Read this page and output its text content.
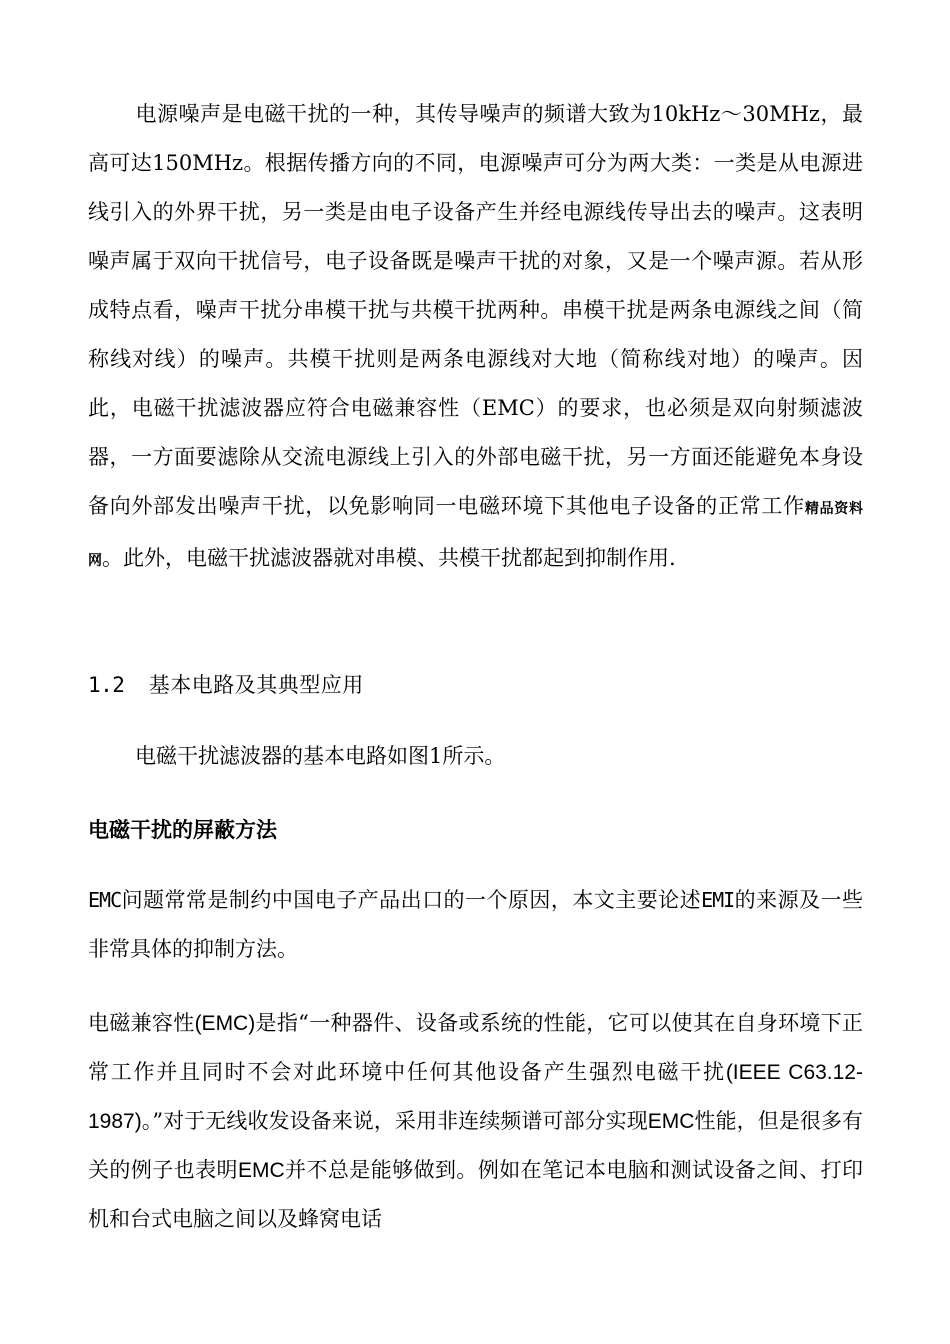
电源噪声是电磁干扰的一种，其传导噪声的频谱大致为10kHz～30MHz，最高可达150MHz。根据传播方向的不同，电源噪声可分为两大类：一类是从电源进线引入的外界干扰，另一类是由电子设备产生并经电源线传导出去的噪声。这表明噪声属于双向干扰信号，电子设备既是噪声干扰的对象，又是一个噪声源。若从形成特点看，噪声干扰分串模干扰与共模干扰两种。串模干扰是两条电源线之间（简称线对线）的噪声。共模干扰则是两条电源线对大地（简称线对地）的噪声。因此，电磁干扰滤波器应符合电磁兼容性（EMC）的要求，也必须是双向射频滤波器，一方面要滤除从交流电源线上引入的外部电磁干扰，另一方面还能避免本身设备向外部发出噪声干扰，以免影响同一电磁环境下其他电子设备的正常工作精品资料网。此外，电磁干扰滤波器就对串模、共模干扰都起到抑制作用.

1.2 基本电路及其典型应用

电磁干扰滤波器的基本电路如图1所示。

电磁干扰的屏蔽方法

EMC问题常常是制约中国电子产品出口的一个原因，本文主要论述EMI的来源及一些非常具体的抑制方法。

电磁兼容性(EMC)是指“一种器件、设备或系统的性能，它可以使其在自身环境下正常工作并且同时不会对此环境中任何其他设备产生强烈电磁干扰(IEEE C63.12-1987)。”对于无线收发设备来说，采用非连续频谱可部分实现EMC性能，但是很多有关的例子也表明EMC并不总是能够做到。例如在笔记本电脑和测试设备之间、打印机和台式电脑之间以及蜂窝电话
